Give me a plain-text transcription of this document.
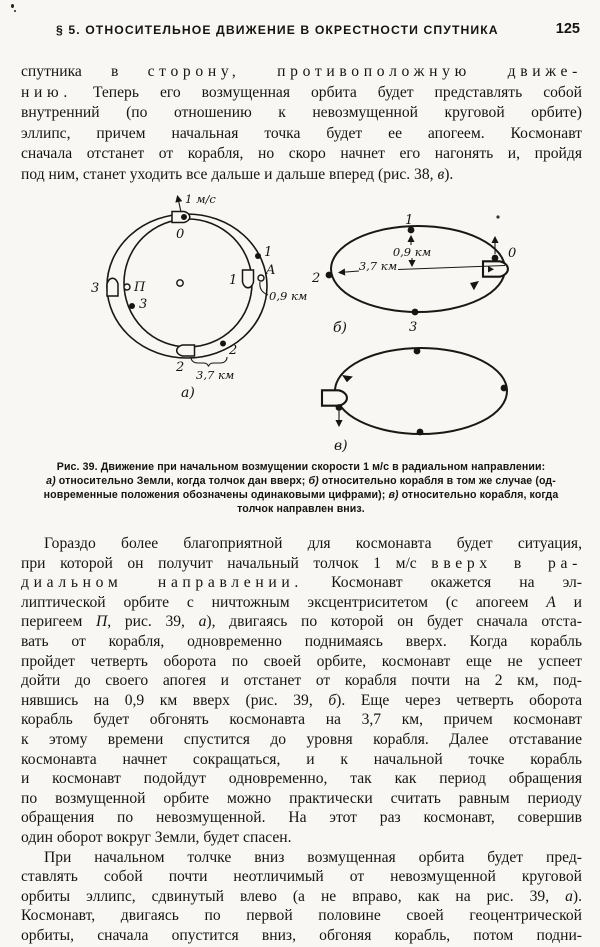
§ 5. ОТНОСИТЕЛЬНОЕ ДВИЖЕНИЕ В ОКРЕСТНОСТИ СПУТНИКА	125
спутника в сторону, противоположную движе-
нию. Теперь его возмущенная орбита будет представлять собой
внутренний (по отношению к невозмущенной круговой орбите)
эллипс, причем начальная точка будет ее апогеем. Космонавт
сначала отстанет от корабля, но скоро начнет его нагонять и, пройдя
под ним, станет уходить все дальше и дальше вперед (рис. 38, в).
1 м/с
0
1
1
A
0,9 км
3	П
3
2
2
3,7 км
а)
1
2
3
0
0,9 км
3,7 км
б)
в)
Рис. 39. Движение при начальном возмущении скорости 1 м/с в радиальном направлении:
а) относительно Земли, когда толчок дан вверх; б) относительно корабля в том же случае (од-
новременные положения обозначены одинаковыми цифрами); в) относительно корабля, когда
толчок направлен вниз.
Гораздо более благоприятной для космонавта будет ситуация,
при которой он получит начальный толчок 1 м/с вверх в ра-
диальном направлении. Космонавт окажется на эл-
липтической орбите с ничтожным эксцентриситетом (с апогеем А и
перигеем П, рис. 39, а), двигаясь по которой он будет сначала отста-
вать от корабля, одновременно поднимаясь вверх. Когда корабль
пройдет четверть оборота по своей орбите, космонавт еще не успеет
дойти до своего апогея и отстанет от корабля почти на 2 км, под-
нявшись на 0,9 км вверх (рис. 39, б). Еще через четверть оборота
корабль будет обгонять космонавта на 3,7 км, причем космонавт
к этому времени спустится до уровня корабля. Далее отставание
космонавта начнет сокращаться, и к начальной точке корабль
и космонавт подойдут одновременно, так как период обращения
по возмущенной орбите можно практически считать равным периоду
обращения по невозмущенной. На этот раз космонавт, совершив
один оборот вокруг Земли, будет спасен.
При начальном толчке вниз возмущенная орбита будет пред-
ставлять собой почти неотличимый от невозмущенной круговой
орбиты эллипс, сдвинутый влево (а не вправо, как на рис. 39, а).
Космонавт, двигаясь по первой половине своей геоцентрической
орбиты, сначала опустится вниз, обгоняя корабль, потом подни-
